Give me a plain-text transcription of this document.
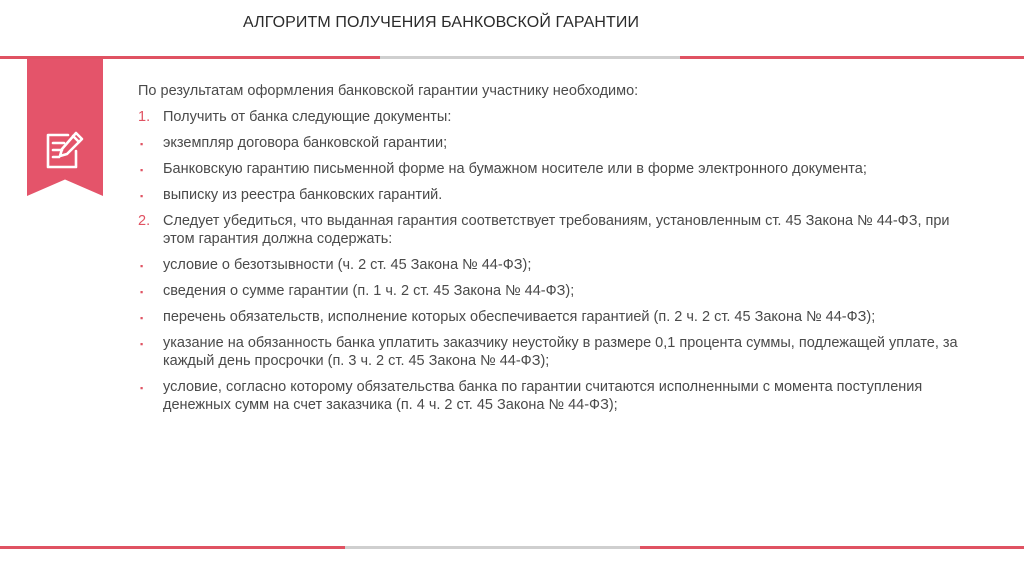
АЛГОРИТМ ПОЛУЧЕНИЯ БАНКОВСКОЙ ГАРАНТИИ
По результатам оформления банковской гарантии участнику необходимо:
1. Получить от банка следующие документы:
▪ экземпляр договора банковской гарантии;
▪ Банковскую гарантию письменной форме на бумажном носителе или в форме электронного документа;
▪ выписку из реестра банковских гарантий.
2. Следует убедиться, что выданная гарантия соответствует требованиям, установленным ст. 45 Закона № 44-ФЗ, при этом гарантия должна содержать:
▪ условие о безотзывности (ч. 2 ст. 45 Закона № 44-ФЗ);
▪ сведения о сумме гарантии (п. 1 ч. 2 ст. 45 Закона № 44-ФЗ);
▪ перечень обязательств, исполнение которых обеспечивается гарантией (п. 2 ч. 2 ст. 45 Закона № 44-ФЗ);
▪ указание на обязанность банка уплатить заказчику неустойку в размере 0,1 процента суммы, подлежащей уплате, за каждый день просрочки (п. 3 ч. 2 ст. 45 Закона № 44-ФЗ);
▪ условие, согласно которому обязательства банка по гарантии считаются исполненными с момента поступления денежных сумм на счет заказчика (п. 4 ч. 2 ст. 45 Закона № 44-ФЗ);
